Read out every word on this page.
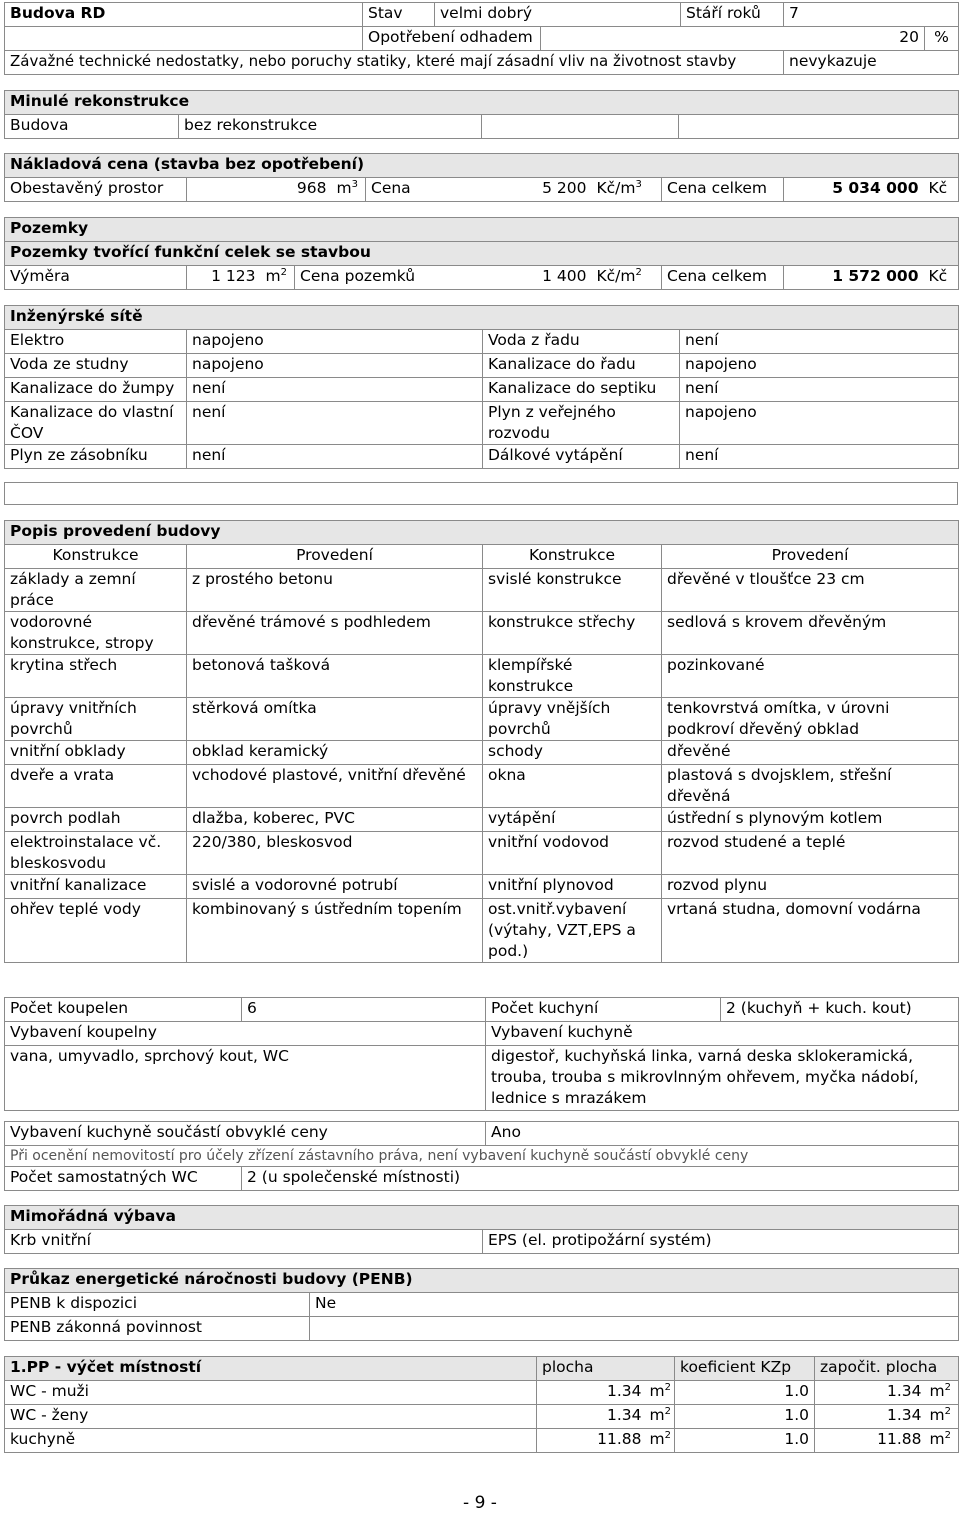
Budova RD	Stav	velmi dobrý		Stáří roků	7	
	Opotřebení odhadem		20			%
Závažné technické nedostatky, nebo poruchy statiky, které mají zásadní vliv na životnost stavby					nevykazuje	
Minulé rekonstrukce
Budova	bez rekonstrukce		
Nákladová cena (stavba bez opotřebení)
Obestavěný prostor	968	$m^3$	Cena	5 200	$Kč/m^3$	Cena celkem	5 034 000	Kč
Pozemky
Pozemky tvořící funkční celek se stavbou
Výměra	1 123	$m^2$	Cena pozemků	1 400	$Kč/m^2$	Cena celkem	1 572 000	Kč
Inženýrské sítě			
Elektro	napojeno	Voda z řadu	není
Voda ze studny	napojeno	Kanalizace do řadu	napojeno
Kanalizace do žumpy	není	Kanalizace do septiku	není
Kanalizace do vlastní ČOV	není	Plyn z veřejného rozvodu	napojeno
Plyn ze zásobníku	není	Dálkové vytápění	není
Popis provedení budovy			
Konstrukce	Provedení	Konstrukce	Provedení
základy a zemní práce	z prostého betonu	svislé konstrukce	dřevěné v tloušťce 23 cm
vodorovné konstrukce, stropy	dřevěné trámové s podhledem	konstrukce střechy	sedlová s krovem dřevěným
krytina střech	betonová tašková	klempířské konstrukce	pozinkované
úpravy vnitřních povrchů	stěrková omítka	úpravy vnějších povrchů	tenkovrstvá omítka, v úrovni podkroví dřevěný obklad
vnitřní obklady	obklad keramický	schody	dřevěné
dveře a vrata	vchodové plastové, vnitřní dřevěné	okna	plastová s dvojsklem, střešní dřevěná
povrch podlah	dlažba, koberec, PVC	vytápění	ústřední s plynovým kotlem
elektroinstalace vč. bleskosvodu	220/380, bleskosvod	vnitřní vodovod	rozvod studené a teplé
vnitřní kanalizace	svislé a vodorovné potrubí	vnitřní plynovod	rozvod plynu
ohřev teplé vody	kombinovaný s ústředním topením	ost.vnitř.vybavení (výtahy, VZT,EPS a pod.)	vrtaná studna, domovní vodárna
Počet koupelen	6	Počet kuchyní	2 (kuchyň + kuch. kout)
Vybavení koupelny		Vybavení kuchyně	
vana, umyvadlo, sprchový kout, WC		digestoř, kuchyňská linka, varná deska sklokeramická, trouba, trouba s mikrovlnným ohřevem, myčka nádobí, lednice s mrazákem	
Vybavení kuchyně součástí obvyklé ceny		Ano
Při ocenění nemovitostí pro účely zřízení zástavního práva, není vybavení kuchyně součástí obvyklé ceny		
Počet samostatných WC	2 (u společenské místnosti)	
Mimořádná výbava
Krb vnitřní	EPS (el. protipožární systém)
Průkaz energetické náročnosti budovy (PENB)	
PENB k dispozici	Ne
PENB zákonná povinnost	
1.PP - výčet místností	plocha		koeficient KZp	započit. plocha	
WC - muži	1.34	$m^2$	1.0	1.34	$m^2$
WC - ženy	1.34	$m^2$	1.0	1.34	$m^2$
kuchyně	11.88	$m^2$	1.0	11.88	$m^2$
- 9 -
